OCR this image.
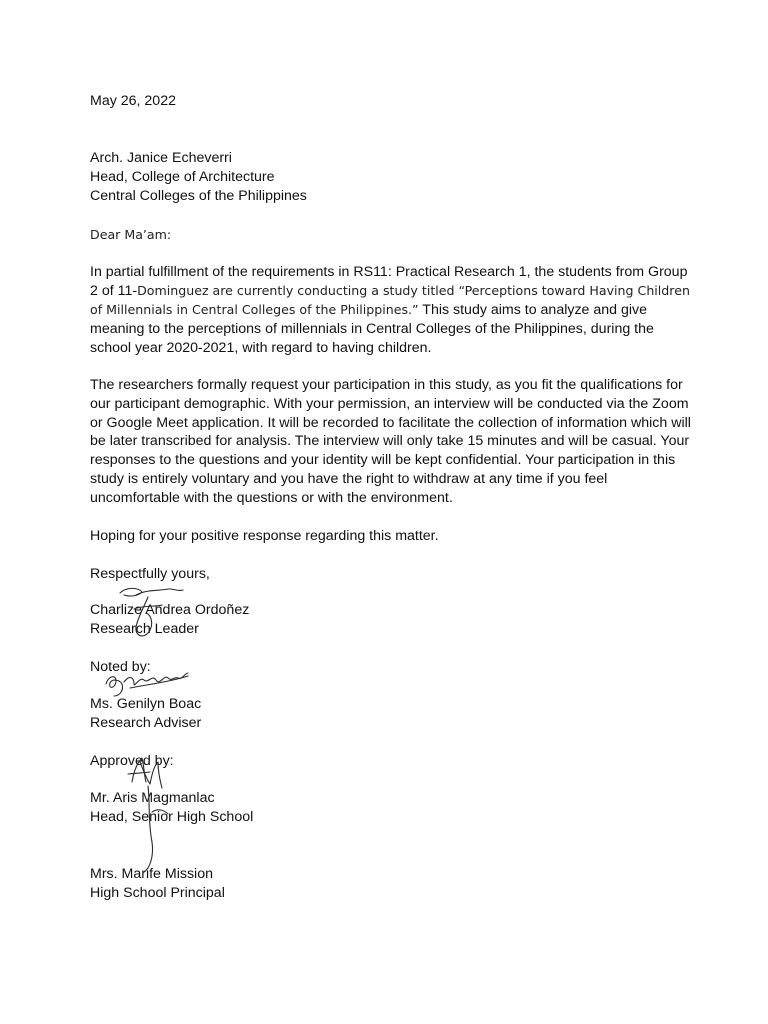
May 26, 2022
Arch. Janice Echeverri
Head, College of Architecture
Central Colleges of the Philippines
Dear Ma’am:
In partial fulfillment of the requirements in RS11: Practical Research 1, the students from Group
2 of 11-Dominguez are currently conducting a study titled “Perceptions toward Having Children
of Millennials in Central Colleges of the Philippines.” This study aims to analyze and give
meaning to the perceptions of millennials in Central Colleges of the Philippines, during the
school year 2020-2021, with regard to having children.
The researchers formally request your participation in this study, as you fit the qualifications for
our participant demographic. With your permission, an interview will be conducted via the Zoom
or Google Meet application. It will be recorded to facilitate the collection of information which will
be later transcribed for analysis. The interview will only take 15 minutes and will be casual. Your
responses to the questions and your identity will be kept confidential. Your participation in this
study is entirely voluntary and you have the right to withdraw at any time if you feel
uncomfortable with the questions or with the environment.
Hoping for your positive response regarding this matter.
Respectfully yours,
Charlize Andrea Ordoñez
Research Leader
Noted by:
Ms. Genilyn Boac
Research Adviser
Approved by:
Mr. Aris Magmanlac
Head, Senior High School
Mrs. Marife Mission
High School Principal
